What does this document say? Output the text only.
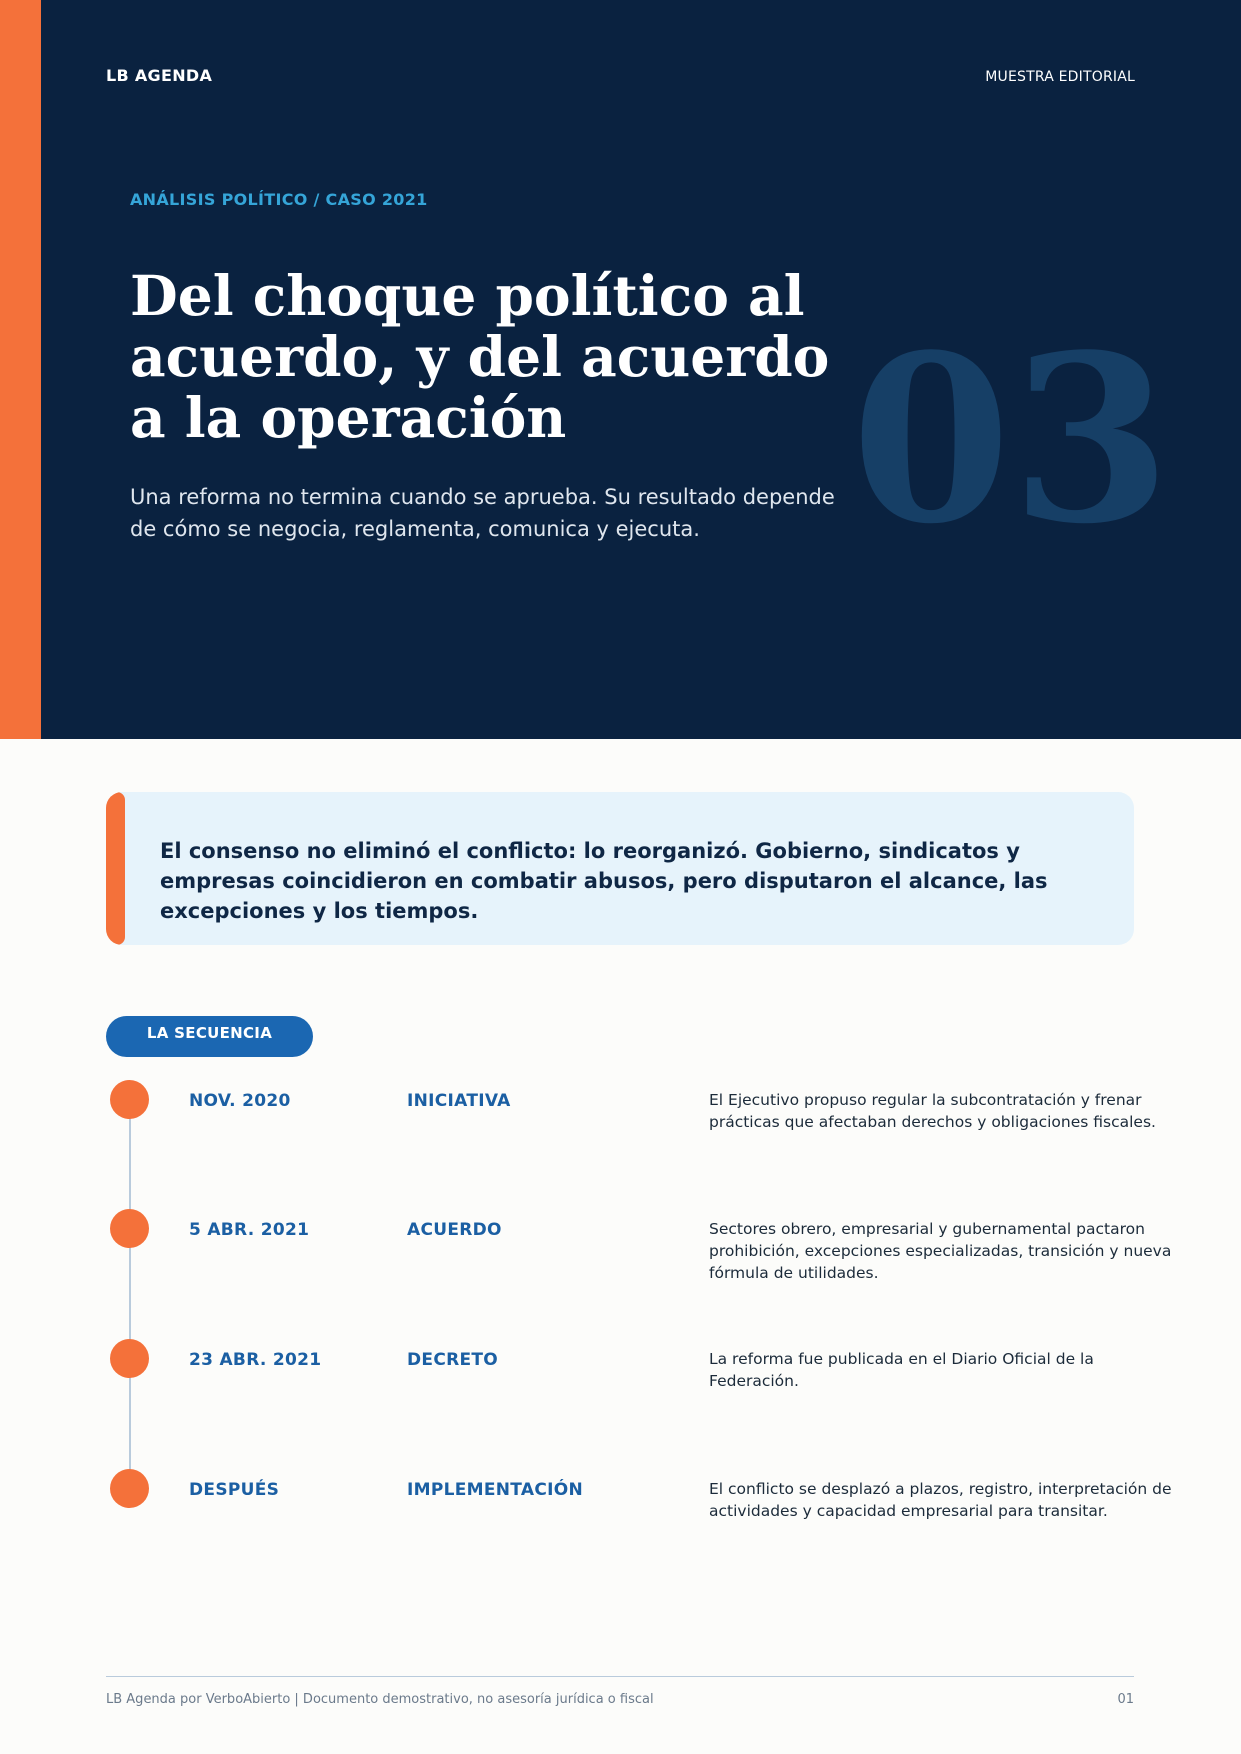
LB AGENDA	MUESTRA EDITORIAL
ANÁLISIS POLÍTICO / CASO 2021
Del choque político al acuerdo, y del acuerdo a la operación

Una reforma no termina cuando se aprueba. Su resultado depende de cómo se negocia, reglamenta, comunica y ejecuta. 03

El consenso no eliminó el conflicto: lo reorganizó. Gobierno, sindicatos y empresas coincidieron en combatir abusos, pero disputaron el alcance, las excepciones y los tiempos.

LA SECUENCIA
NOV. 2020	INICIATIVA	El Ejecutivo propuso regular la subcontratación y frenar prácticas que afectaban derechos y obligaciones fiscales.

5 ABR. 2021	ACUERDO	Sectores obrero, empresarial y gubernamental pactaron prohibición, excepciones especializadas, transición y nueva fórmula de utilidades.

23 ABR. 2021	DECRETO	La reforma fue publicada en el Diario Oficial de la Federación.

DESPUÉS	IMPLEMENTACIÓN	El conflicto se desplazó a plazos, registro, interpretación de actividades y capacidad empresarial para transitar.

LB Agenda por VerboAbierto | Documento demostrativo, no asesoría jurídica o fiscal	01
